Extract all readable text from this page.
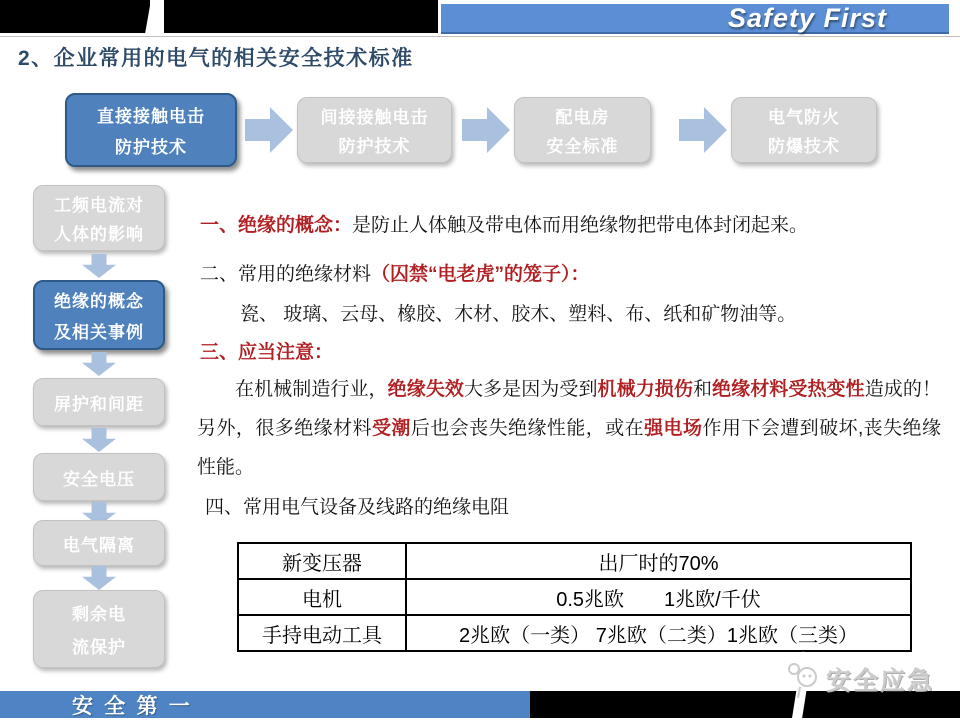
Safety First
2、企业常用的电气的相关安全技术标准
直接接触电击
防护技术
间接接触电击
防护技术
配电房
安全标准
电气防火
防爆技术
工频电流对
人体的影响
绝缘的概念
及相关事例
屏护和间距
安全电压
电气隔离
剩余电
流保护
一、绝缘的概念：是防止人体触及带电体而用绝缘物把带电体封闭起来。
二、常用的绝缘材料（囚禁“电老虎”的笼子）：
瓷、 玻璃、云母、橡胶、木材、胶木、塑料、布、纸和矿物油等。
三、应当注意：
在机械制造行业，绝缘失效大多是因为受到机械力损伤和绝缘材料受热变性造成的！另外，很多绝缘材料受潮后也会丧失绝缘性能，或在强电场作用下会遭到破坏,丧失绝缘性能。
四、常用电气设备及线路的绝缘电阻
新变压器	出厂时的70%
电机	0.5兆欧　　1兆欧/千伏
手持电动工具	2兆欧（一类） 7兆欧（二类）1兆欧（三类）
安 全 第 一
安全应急
